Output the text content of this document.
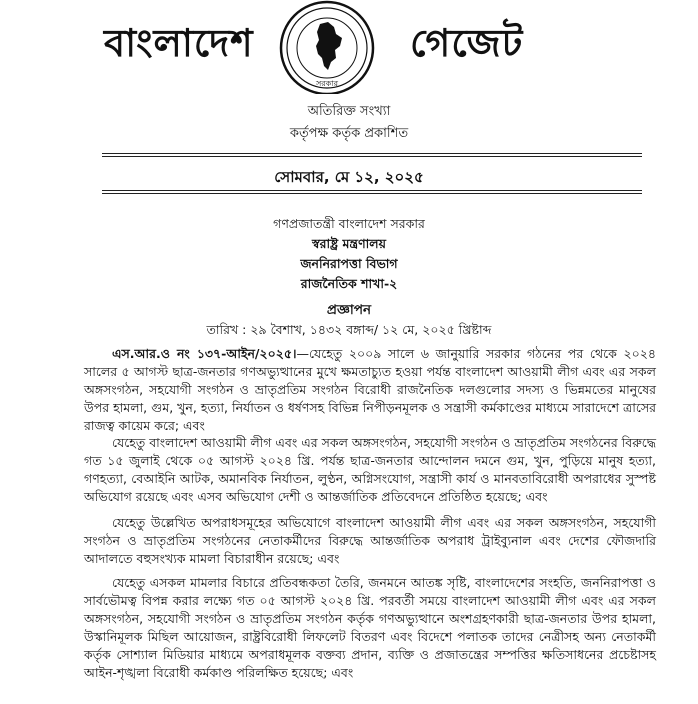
বাংলাদেশ
সরকার
গেজেট
অতিরিক্ত সংখ্যা
কর্তৃপক্ষ কর্তৃক প্রকাশিত
সোমবার, মে ১২, ২০২৫
গণপ্রজাতন্ত্রী বাংলাদেশ সরকার
স্বরাষ্ট্র মন্ত্রণালয়
জননিরাপত্তা বিভাগ
রাজনৈতিক শাখা-২
প্রজ্ঞাপন
তারিখ : ২৯ বৈশাখ, ১৪৩২ বঙ্গাব্দ/ ১২ মে, ২০২৫ খ্রিষ্টাব্দ

এস.আর.ও নং ১৩৭-আইন/২০২৫।—যেহেতু ২০০৯ সালে ৬ জানুয়ারি সরকার গঠনের পর থেকে ২০২৪ সালের ৫ আগস্ট ছাত্র-জনতার গণঅভ্যুত্থানের মুখে ক্ষমতাচ্যুত হওয়া পর্যন্ত বাংলাদেশ আওয়ামী লীগ এবং এর সকল অঙ্গসংগঠন, সহযোগী সংগঠন ও ভ্রাতৃপ্রতিম সংগঠন বিরোধী রাজনৈতিক দলগুলোর সদস্য ও ভিন্নমতের মানুষের উপর হামলা, গুম, খুন, হত্যা, নির্যাতন ও ধর্ষণসহ বিভিন্ন নিপীড়নমূলক ও সন্ত্রাসী কর্মকাণ্ডের মাধ্যমে সারাদেশে ত্রাসের রাজত্ব কায়েম করে; এবং

যেহেতু বাংলাদেশ আওয়ামী লীগ এবং এর সকল অঙ্গসংগঠন, সহযোগী সংগঠন ও ভ্রাতৃপ্রতিম সংগঠনের বিরুদ্ধে গত ১৫ জুলাই থেকে ০৫ আগস্ট ২০২৪ খ্রি. পর্যন্ত ছাত্র-জনতার আন্দোলন দমনে গুম, খুন, পুড়িয়ে মানুষ হত্যা, গণহত্যা, বেআইনি আটক, অমানবিক নির্যাতন, লুণ্ঠন, অগ্নিসংযোগ, সন্ত্রাসী কার্য ও মানবতাবিরোধী অপরাধের সুস্পষ্ট অভিযোগ রয়েছে এবং এসব অভিযোগ দেশী ও আন্তর্জাতিক প্রতিবেদনে প্রতিষ্ঠিত হয়েছে; এবং

যেহেতু উল্লেখিত অপরাধসমূহের অভিযোগে বাংলাদেশ আওয়ামী লীগ এবং এর সকল অঙ্গসংগঠন, সহযোগী সংগঠন ও ভ্রাতৃপ্রতিম সংগঠনের নেতাকর্মীদের বিরুদ্ধে আন্তর্জাতিক অপরাধ ট্রাইব্যুনাল এবং দেশের ফৌজদারি আদালতে বহুসংখ্যক মামলা বিচারাধীন রয়েছে; এবং

যেহেতু এসকল মামলার বিচারে প্রতিবন্ধকতা তৈরি, জনমনে আতঙ্ক সৃষ্টি, বাংলাদেশের সংহতি, জননিরাপত্তা ও সার্বভৌমত্ব বিপন্ন করার লক্ষ্যে গত ০৫ আগস্ট ২০২৪ খ্রি. পরবর্তী সময়ে বাংলাদেশ আওয়ামী লীগ এবং এর সকল অঙ্গসংগঠন, সহযোগী সংগঠন ও ভ্রাতৃপ্রতিম সংগঠন কর্তৃক গণঅভ্যুত্থানে অংশগ্রহণকারী ছাত্র-জনতার উপর হামলা, উস্কানিমূলক মিছিল আয়োজন, রাষ্ট্রবিরোধী লিফলেট বিতরণ এবং বিদেশে পলাতক তাদের নেত্রীসহ অন্য নেতাকর্মী কর্তৃক সোশ্যাল মিডিয়ার মাধ্যমে অপরাধমূলক বক্তব্য প্রদান, ব্যক্তি ও প্রজাতন্ত্রের সম্পত্তির ক্ষতিসাধনের প্রচেষ্টাসহ আইন-শৃঙ্খলা বিরোধী কর্মকাণ্ড পরিলক্ষিত হয়েছে; এবং
